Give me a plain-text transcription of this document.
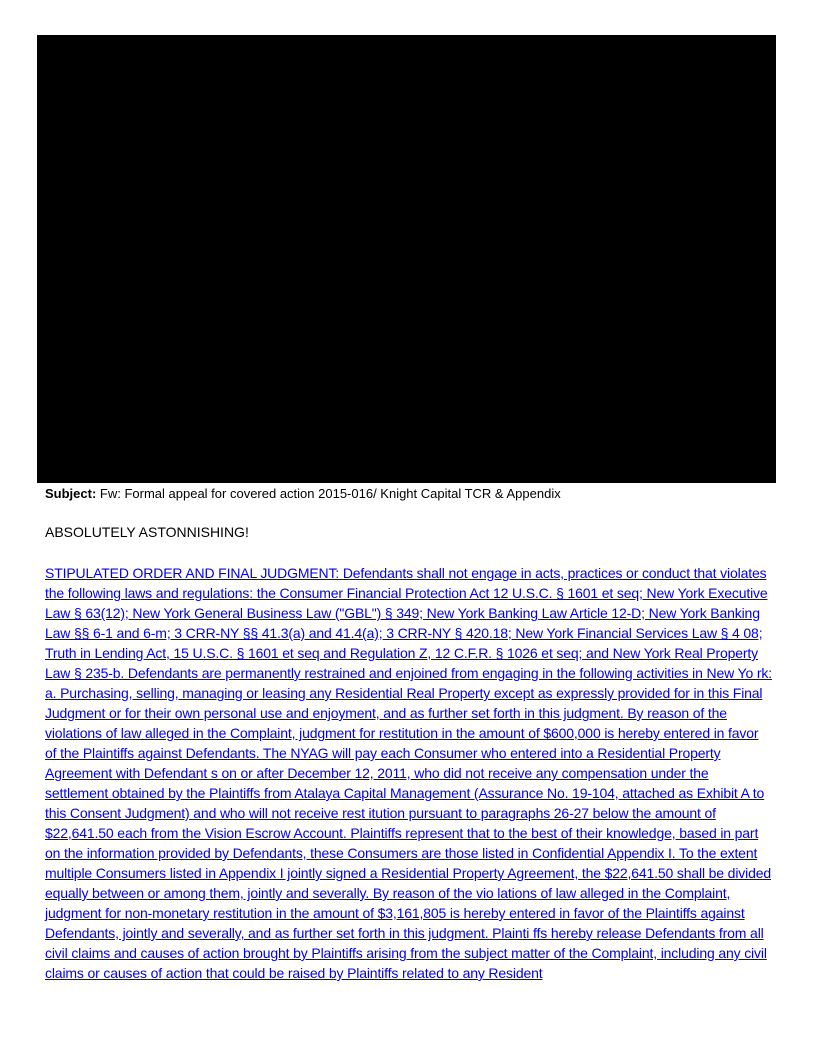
Subject: Fw: Formal appeal for covered action 2015-016/ Knight Capital TCR & Appendix
ABSOLUTELY ASTONNISHING!
STIPULATED ORDER AND FINAL JUDGMENT: Defendants shall not engage in acts, practices or conduct that violates the following laws and regulations: the Consumer Financial Protection Act 12 U.S.C. § 1601 et seq; New York Executive Law § 63(12); New York General Business Law ("GBL") § 349; New York Banking Law Article 12-D; New York Banking Law §§ 6-1 and 6-m; 3 CRR-NY §§ 41.3(a) and 41.4(a); 3 CRR-NY § 420.18; New York Financial Services Law § 4 08; Truth in Lending Act, 15 U.S.C. § 1601 et seq and Regulation Z, 12 C.F.R. § 1026 et seq; and New York Real Property Law § 235-b. Defendants are permanently restrained and enjoined from engaging in the following activities in New Yo rk: a. Purchasing, selling, managing or leasing any Residential Real Property except as expressly provided for in this Final Judgment or for their own personal use and enjoyment, and as further set forth in this judgment. By reason of the violations of law alleged in the Complaint, judgment for restitution in the amount of $600,000 is hereby entered in favor of the Plaintiffs against Defendants. The NYAG will pay each Consumer who entered into a Residential Property Agreement with Defendant s on or after December 12, 2011, who did not receive any compensation under the settlement obtained by the Plaintiffs from Atalaya Capital Management (Assurance No. 19-104, attached as Exhibit A to this Consent Judgment) and who will not receive rest itution pursuant to paragraphs 26-27 below the amount of $22,641.50 each from the Vision Escrow Account. Plaintiffs represent that to the best of their knowledge, based in part on the information provided by Defendants, these Consumers are those listed in Confidential Appendix I. To the extent multiple Consumers listed in Appendix I jointly signed a Residential Property Agreement, the $22,641.50 shall be divided equally between or among them, jointly and severally. By reason of the vio lations of law alleged in the Complaint, judgment for non-monetary restitution in the amount of $3,161,805 is hereby entered in favor of the Plaintiffs against Defendants, jointly and severally, and as further set forth in this judgment. Plainti ffs hereby release Defendants from all civil claims and causes of action brought by Plaintiffs arising from the subject matter of the Complaint, including any civil claims or causes of action that could be raised by Plaintiffs related to any Resident
